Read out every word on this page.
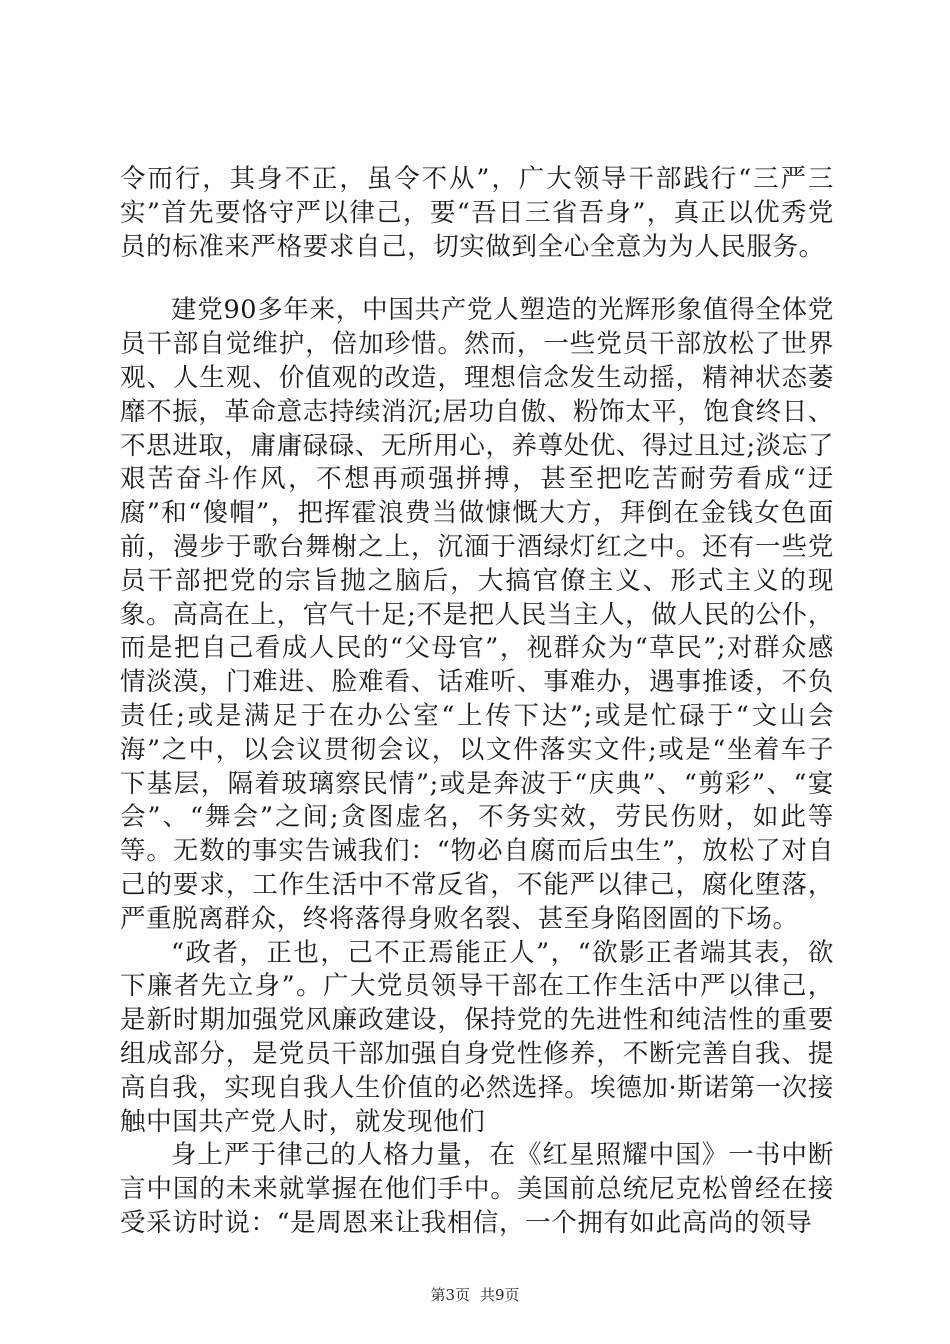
令而行，其身不正，虽令不从”，广大领导干部践行“三严三实”首先要恪守严以律己，要“吾日三省吾身”，真正以优秀党员的标准来严格要求自己，切实做到全心全意为为人民服务。

建党90多年来，中国共产党人塑造的光辉形象值得全体党员干部自觉维护，倍加珍惜。然而，一些党员干部放松了世界观、人生观、价值观的改造，理想信念发生动摇，精神状态萎靡不振，革命意志持续消沉;居功自傲、粉饰太平，饱食终日、不思进取，庸庸碌碌、无所用心，养尊处优、得过且过;淡忘了艰苦奋斗作风，不想再顽强拼搏，甚至把吃苦耐劳看成“迂腐”和“傻帽”，把挥霍浪费当做慷慨大方，拜倒在金钱女色面前，漫步于歌台舞榭之上，沉湎于酒绿灯红之中。还有一些党员干部把党的宗旨抛之脑后，大搞官僚主义、形式主义的现象。高高在上，官气十足;不是把人民当主人，做人民的公仆，而是把自己看成人民的“父母官”，视群众为“草民”;对群众感情淡漠，门难进、脸难看、话难听、事难办，遇事推诿，不负责任;或是满足于在办公室“上传下达”;或是忙碌于“文山会海”之中，以会议贯彻会议，以文件落实文件;或是“坐着车子下基层，隔着玻璃察民情”;或是奔波于“庆典”、“剪彩”、“宴会”、“舞会”之间;贪图虚名，不务实效，劳民伤财，如此等等。无数的事实告诫我们：“物必自腐而后虫生”，放松了对自己的要求，工作生活中不常反省，不能严以律己，腐化堕落，严重脱离群众，终将落得身败名裂、甚至身陷囹圄的下场。

“政者，正也，己不正焉能正人”，“欲影正者端其表，欲下廉者先立身”。广大党员领导干部在工作生活中严以律己，是新时期加强党风廉政建设，保持党的先进性和纯洁性的重要组成部分，是党员干部加强自身党性修养，不断完善自我、提高自我，实现自我人生价值的必然选择。埃德加·斯诺第一次接触中国共产党人时，就发现他们

身上严于律己的人格力量，在《红星照耀中国》一书中断言中国的未来就掌握在他们手中。美国前总统尼克松曾经在接受采访时说：“是周恩来让我相信，一个拥有如此高尚的领导

第3页 共9页
